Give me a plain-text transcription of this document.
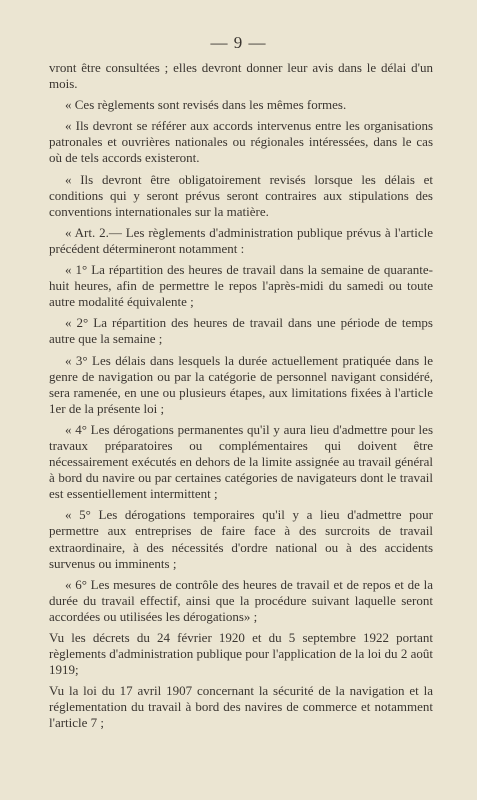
— 9 —

vront être consultées ; elles devront donner leur avis dans le délai d'un mois.

« Ces règlements sont revisés dans les mêmes formes.

« Ils devront se référer aux accords intervenus entre les organisations patronales et ouvrières nationales ou régionales intéressées, dans le cas où de tels accords existeront.

« Ils devront être obligatoirement revisés lorsque les délais et conditions qui y seront prévus seront contraires aux stipulations des conventions internationales sur la matière.

« Art. 2.— Les règlements d'administration publique prévus à l'article précédent détermineront notamment :

« 1° La répartition des heures de travail dans la semaine de quarante-huit heures, afin de permettre le repos l'après-midi du samedi ou toute autre modalité équivalente ;

« 2° La répartition des heures de travail dans une période de temps autre que la semaine ;

« 3° Les délais dans lesquels la durée actuellement pratiquée dans le genre de navigation ou par la catégorie de personnel navigant considéré, sera ramenée, en une ou plusieurs étapes, aux limitations fixées à l'article 1er de la présente loi ;

« 4° Les dérogations permanentes qu'il y aura lieu d'admettre pour les travaux préparatoires ou complémentaires qui doivent être nécessairement exécutés en dehors de la limite assignée au travail général à bord du navire ou par certaines catégories de navigateurs dont le travail est essentiellement intermittent ;

« 5° Les dérogations temporaires qu'il y a lieu d'admettre pour permettre aux entreprises de faire face à des surcroits de travail extraordinaire, à des nécessités d'ordre national ou à des accidents survenus ou imminents ;

« 6° Les mesures de contrôle des heures de travail et de repos et de la durée du travail effectif, ainsi que la procédure suivant laquelle seront accordées ou utilisées les dérogations» ;

Vu les décrets du 24 février 1920 et du 5 septembre 1922 portant règlements d'administration publique pour l'application de la loi du 2 août 1919;

Vu la loi du 17 avril 1907 concernant la sécurité de la navigation et la réglementation du travail à bord des navires de commerce et notamment l'article 7 ;
